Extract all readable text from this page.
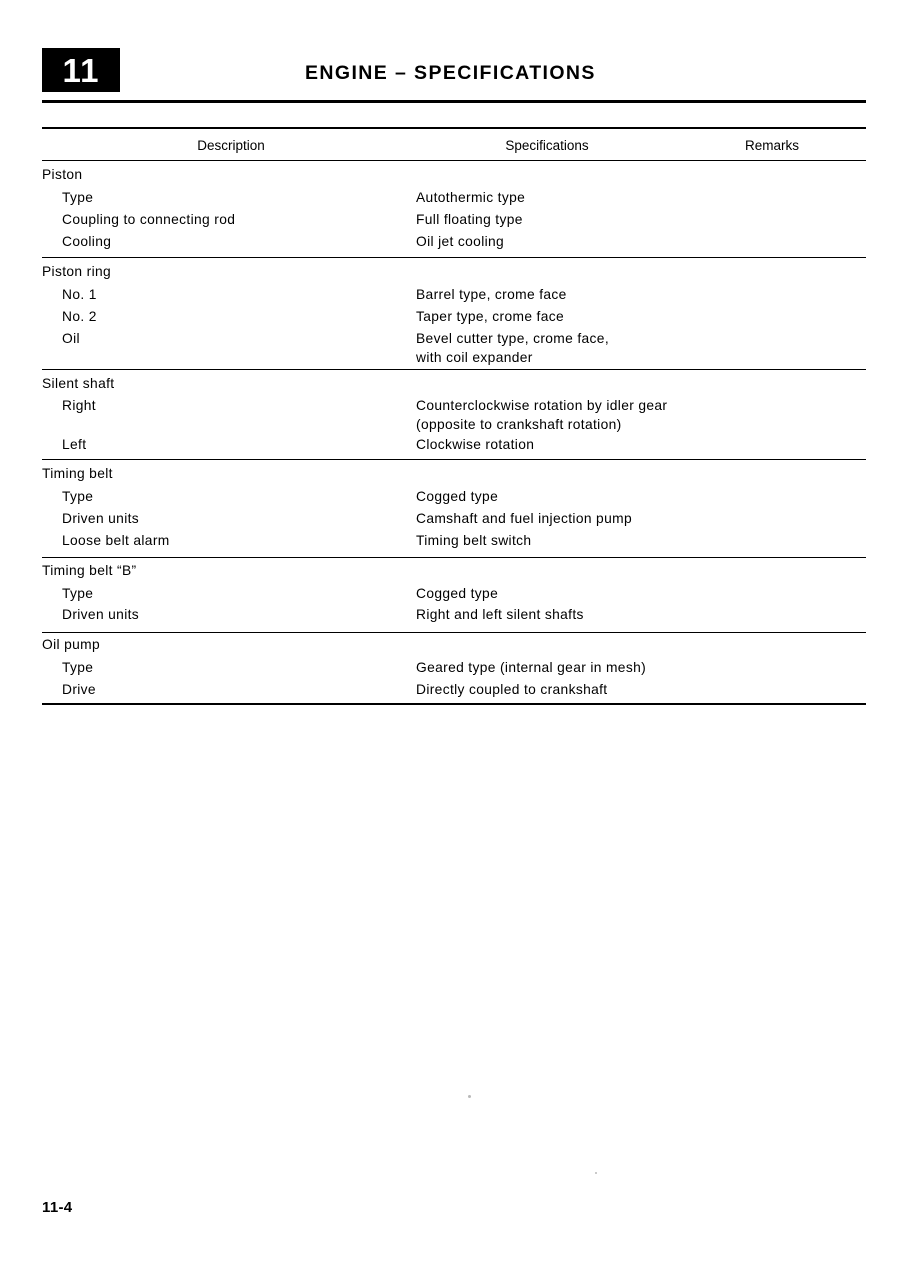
11	ENGINE – SPECIFICATIONS
Description	Specifications	Remarks
Piston
Type	Autothermic type
Coupling to connecting rod	Full floating type
Cooling	Oil jet cooling
Piston ring
No. 1	Barrel type, crome face
No. 2	Taper type, crome face
Oil	Bevel cutter type, crome face,
with coil expander
Silent shaft
Right	Counterclockwise rotation by idler gear
(opposite to crankshaft rotation)
Left	Clockwise rotation
Timing belt
Type	Cogged type
Driven units	Camshaft and fuel injection pump
Loose belt alarm	Timing belt switch
Timing belt “B”
Type	Cogged type
Driven units	Right and left silent shafts
Oil pump
Type	Geared type (internal gear in mesh)
Drive	Directly coupled to crankshaft
11-4
